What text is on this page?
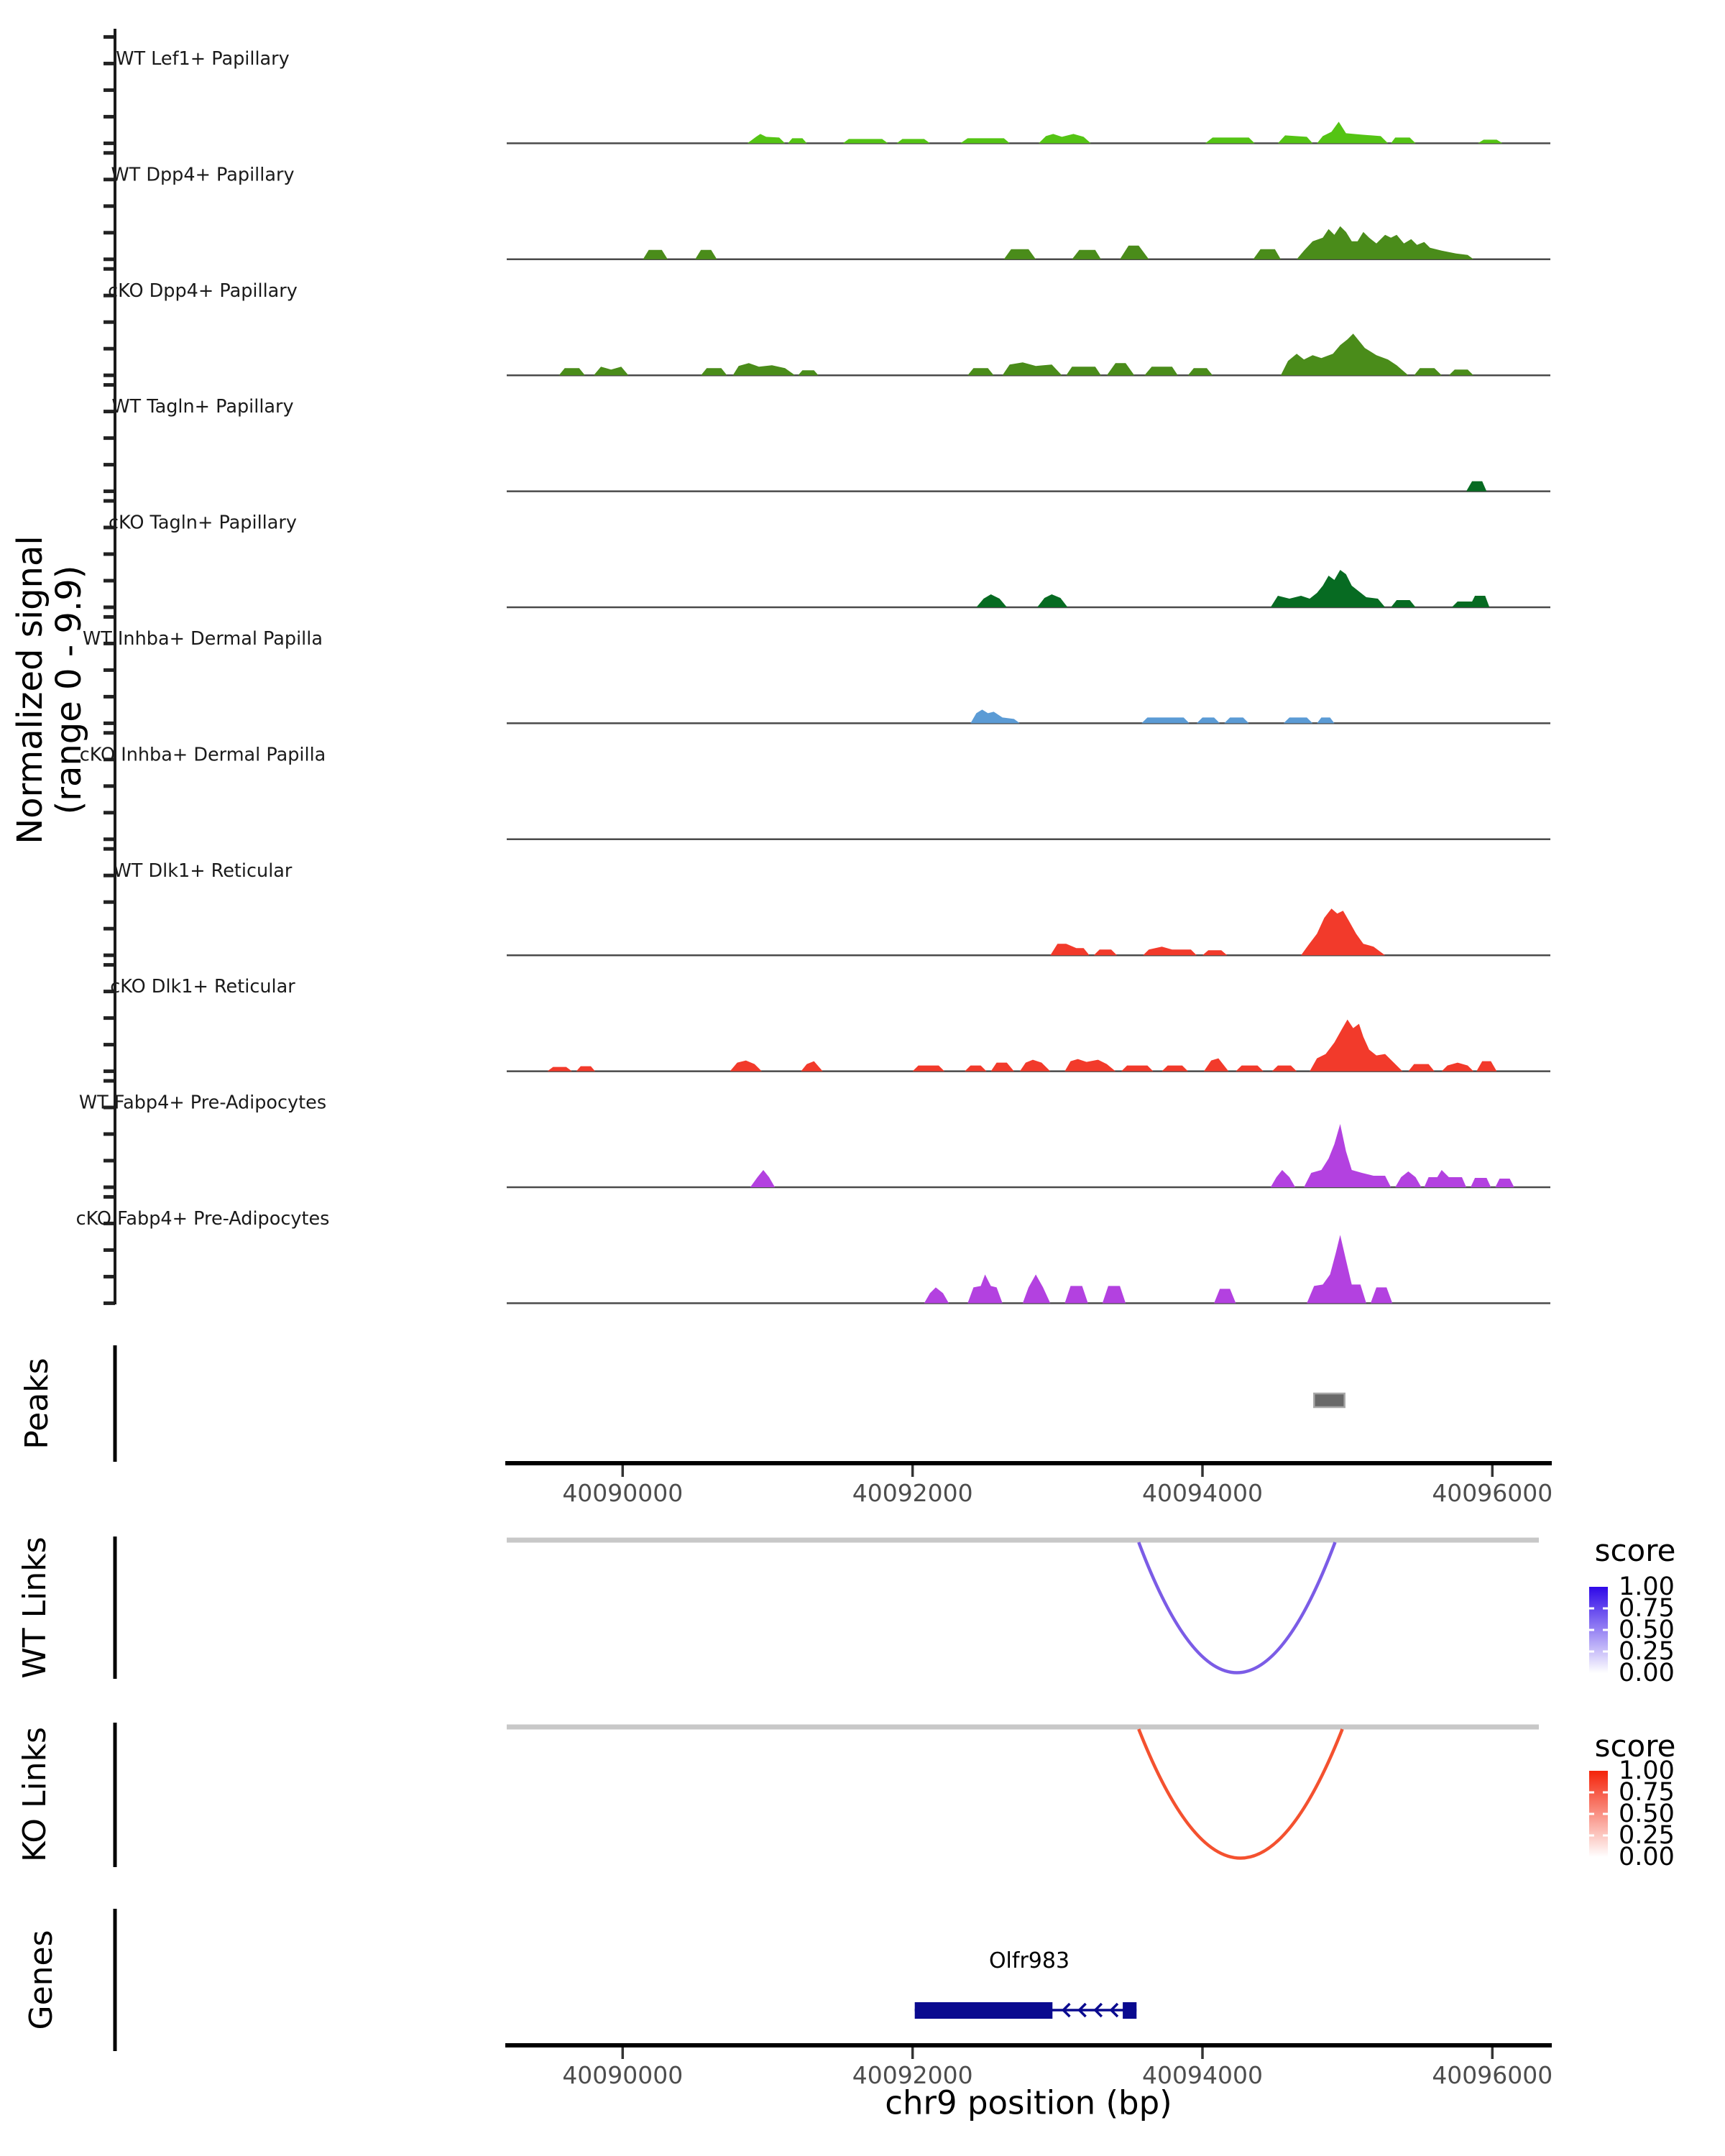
WT Lef1+ Papillary
WT Dpp4+ Papillary
cKO Dpp4+ Papillary
WT Tagln+ Papillary
cKO Tagln+ Papillary
WT Inhba+ Dermal Papilla
cKO Inhba+ Dermal Papilla
WT Dlk1+ Reticular
cKO Dlk1+ Reticular
WT Fabp4+ Pre-Adipocytes
cKO Fabp4+ Pre-Adipocytes
40090000	40092000	40094000	40096000
40090000	40092000	40094000	40096000
1.00
0.75
0.50
0.25
0.00
1.00
0.75
0.50
0.25
0.00
Normalized signal
(range 0 - 9.9)
Peaks
WT Links
KO Links
Genes
score
score
Olfr983
chr9 position (bp)
